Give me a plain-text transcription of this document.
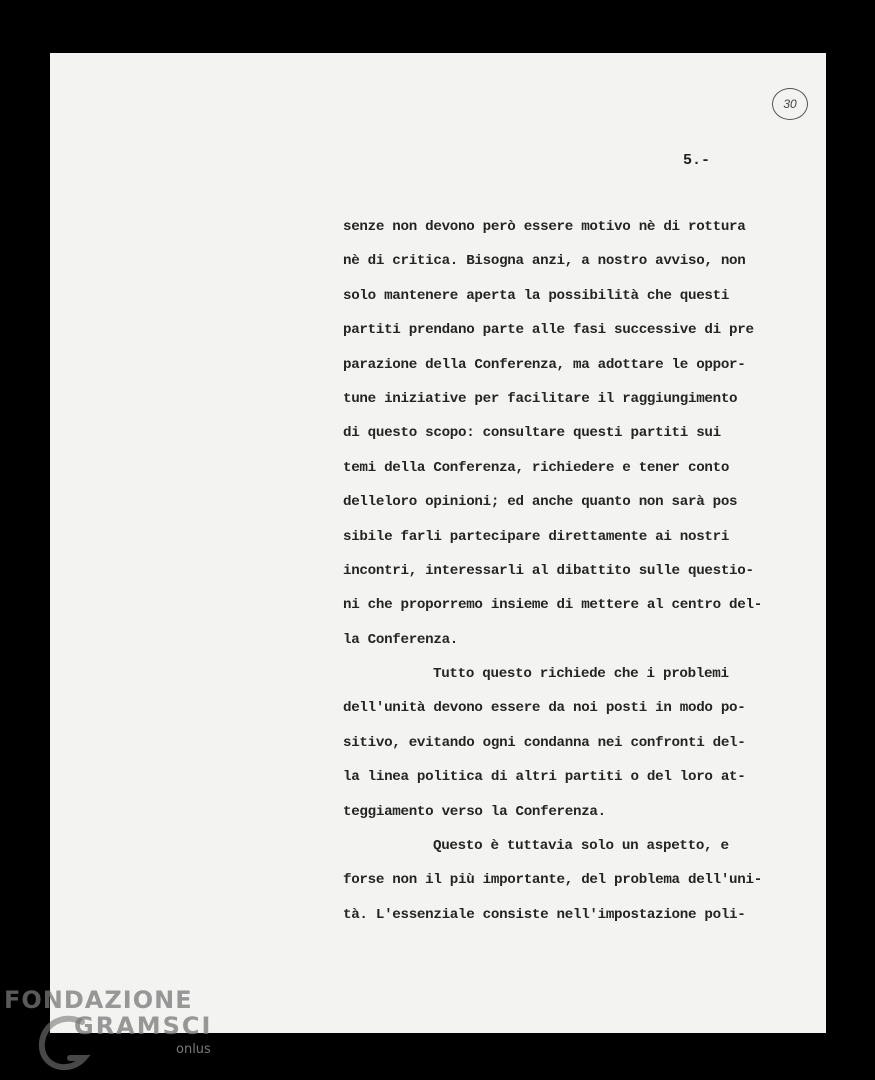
30
5.-
senze non devono però essere motivo nè di rottura
nè di critica. Bisogna anzi, a nostro avviso, non
solo mantenere aperta la possibilità che questi
partiti prendano parte alle fasi successive di pre
parazione della Conferenza, ma adottare le oppor-
tune iniziative per facilitare il raggiungimento
di questo scopo: consultare questi partiti sui
temi della Conferenza, richiedere e tener conto
delleloro opinioni; ed anche quanto non sarà pos
sibile farli partecipare direttamente ai nostri
incontri, interessarli al dibattito sulle questio-
ni che proporremo insieme di mettere al centro del-
la Conferenza.
Tutto questo richiede che i problemi
dell'unità devono essere da noi posti in modo po-
sitivo, evitando ogni condanna nei confronti del-
la linea politica di altri partiti o del loro at-
teggiamento verso la Conferenza.
Questo è tuttavia solo un aspetto, e
forse non il più importante, del problema dell'uni-
tà. L'essenziale consiste nell'impostazione poli-
FONDAZIONE
GRAMSCI
onlus
